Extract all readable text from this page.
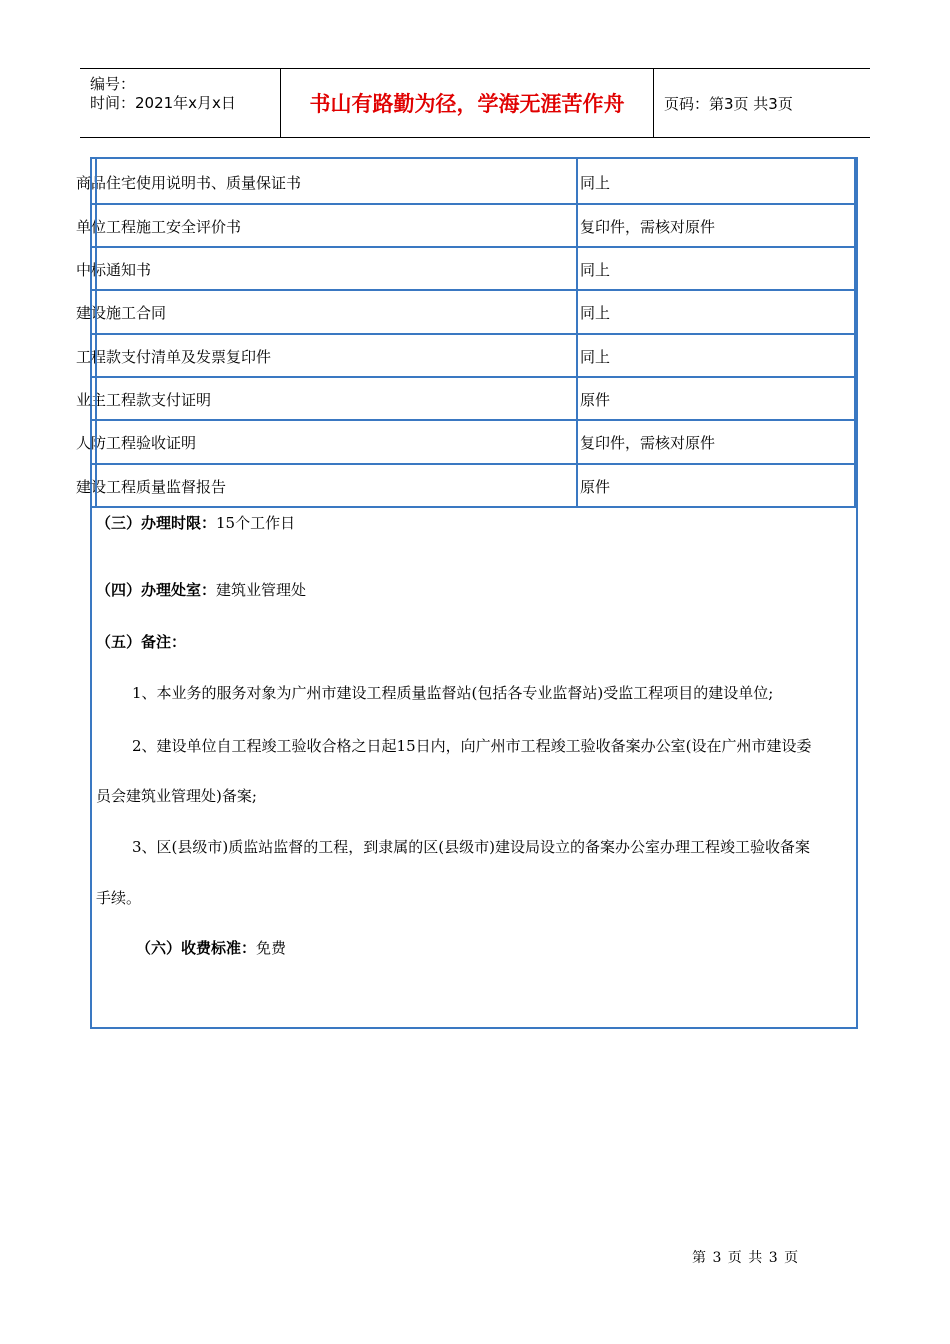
编号：
时间：2021年x月x日	书山有路勤为径，学海无涯苦作舟	页码：第3页 共3页
商品住宅使用说明书、质量保证书	同上
单位工程施工安全评价书	复印件，需核对原件
中标通知书	同上
建设施工合同	同上
工程款支付清单及发票复印件	同上
业主工程款支付证明	原件
人防工程验收证明	复印件，需核对原件
建设工程质量监督报告	原件
（三）办理时限：15个工作日
（四）办理处室：建筑业管理处
（五）备注：
1、本业务的服务对象为广州市建设工程质量监督站(包括各专业监督站)受监工程项目的建设单位;
2、建设单位自工程竣工验收合格之日起15日内，向广州市工程竣工验收备案办公室(设在广州市建设委
员会建筑业管理处)备案;
3、区(县级市)质监站监督的工程，到隶属的区(县级市)建设局设立的备案办公室办理工程竣工验收备案
手续。
（六）收费标准：免费
第 3 页 共 3 页
